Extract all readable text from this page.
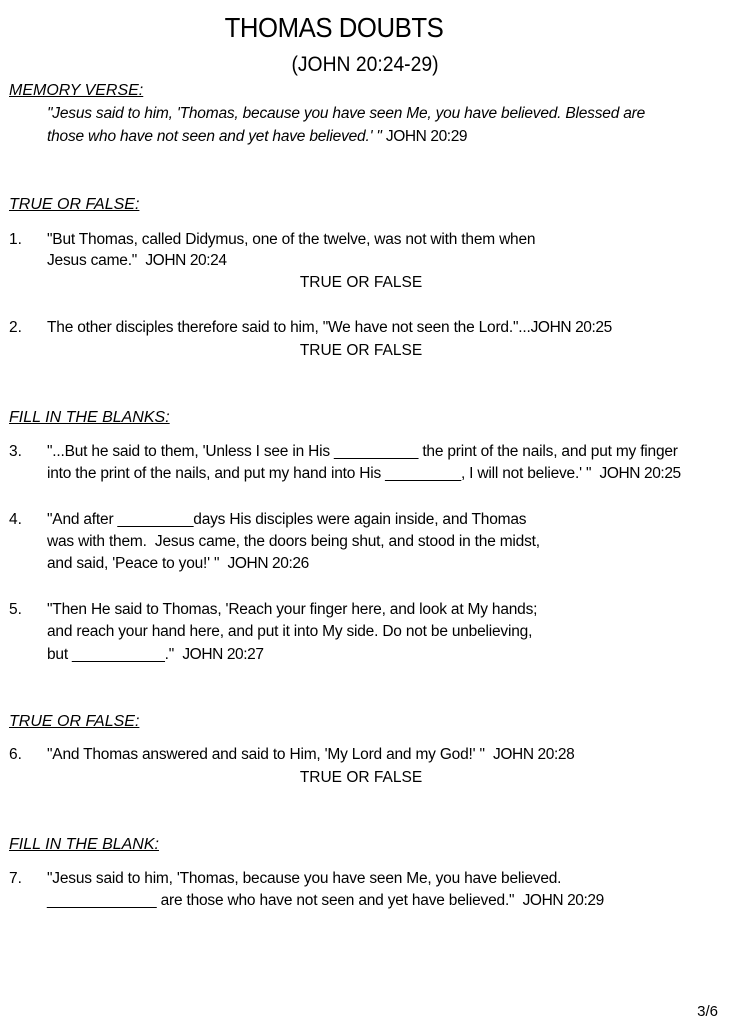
THOMAS DOUBTS
(JOHN 20:24-29)
MEMORY VERSE:
"Jesus said to him, 'Thomas, because you have seen Me, you have believed. Blessed are
those who have not seen and yet have believed.' " JOHN 20:29
TRUE OR FALSE:
1. "But Thomas, called Didymus, one of the twelve, was not with them when
Jesus came." JOHN 20:24
TRUE OR FALSE
2. The other disciples therefore said to him, "We have not seen the Lord."...JOHN 20:25
TRUE OR FALSE
FILL IN THE BLANKS:
3. "...But he said to them, 'Unless I see in His __________ the print of the nails, and put my finger
into the print of the nails, and put my hand into His _________, I will not believe.' " JOHN 20:25
4. "And after _________days His disciples were again inside, and Thomas
was with them.  Jesus came, the doors being shut, and stood in the midst,
and said, 'Peace to you!' " JOHN 20:26
5. "Then He said to Thomas, 'Reach your finger here, and look at My hands;
and reach your hand here, and put it into My side. Do not be unbelieving,
but ___________." JOHN 20:27
TRUE OR FALSE:
6. "And Thomas answered and said to Him, 'My Lord and my God!' " JOHN 20:28
TRUE OR FALSE
FILL IN THE BLANK:
7. "Jesus said to him, 'Thomas, because you have seen Me, you have believed.
_____________ are those who have not seen and yet have believed." JOHN 20:29
3/6
